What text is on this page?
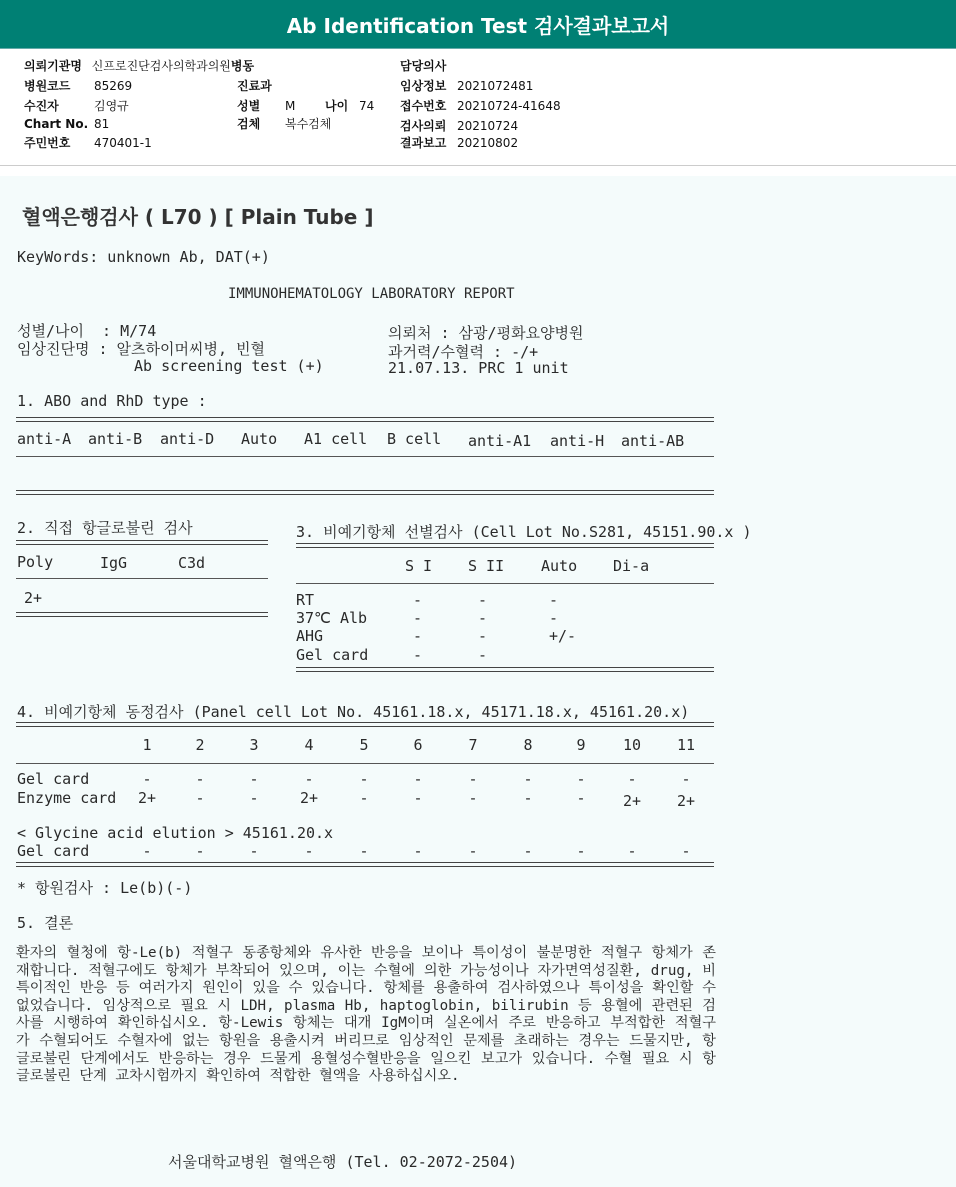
Ab Identification Test 검사결과보고서
의뢰기관명 신프로진단검사의학과의원병동	담당의사
병원코드 85269	진료과	임상정보 2021072481
수진자	김영규	성별 M 나이 74 접수번호 20210724-41648
Chart No. 81	검체 복수검체	검사의뢰 20210724
주민번호 470401-1	결과보고 20210802
혈액은행검사 ( L70 ) [ Plain Tube ]
KeyWords: unknown Ab, DAT(+)
IMMUNOHEMATOLOGY LABORATORY REPORT
성별/나이  : M/74
임상진단명 : 알츠하이머씨병, 빈혈
Ab screening test (+)
의뢰처 : 삼광/평화요양병원
과거력/수혈력 : -/+
21.07.13. PRC 1 unit
1. ABO and RhD type :
anti-A anti-B anti-D Auto A1 cell B cell anti-A1 anti-H anti-AB
2. 직접 항글로불린 검사
Poly	IgG	C3d
2+
3. 비예기항체 선별검사 (Cell Lot No.S281, 45151.90.x )
S I S II Auto Di-a
RT	-	-	-
37℃ Alb	-	-	-
AHG	-	-	+/-
Gel card	-	-
4. 비예기항체 동정검사 (Panel cell Lot No. 45161.18.x, 45171.18.x, 45161.20.x)
1	2	3	4	5	6	7	8	9	10	11
Gel card	-	-	-	-	-	-	-	-	-	-	-
Enzyme card	2+	-	-	2+	-	-	-	-	-	2+	2+
< Glycine acid elution > 45161.20.x
Gel card	-	-	-	-	-	-	-	-	-	-	-
* 항원검사 : Le(b)(-)
5. 결론
환자의 혈청에 항-Le(b) 적혈구 동종항체와 유사한 반응을 보이나 특이성이 불분명한 적혈구 항체가 존재합니다. 적혈구에도 항체가 부착되어 있으며, 이는 수혈에 의한 가능성이나 자가면역성질환, drug, 비특이적인 반응 등 여러가지 원인이 있을 수 있습니다. 항체를 용출하여 검사하였으나 특이성을 확인할 수 없었습니다. 임상적으로 필요 시 LDH, plasma Hb, haptoglobin, bilirubin 등 용혈에 관련된 검사를 시행하여 확인하십시오. 항-Lewis 항체는 대개 IgM이며 실온에서 주로 반응하고 부적합한 적혈구가 수혈되어도 수혈자에 없는 항원을 용출시켜 버리므로 임상적인 문제를 초래하는 경우는 드물지만, 항글로불린 단계에서도 반응하는 경우 드물게 용혈성수혈반응을 일으킨 보고가 있습니다. 수혈 필요 시 항글로불린 단계 교차시험까지 확인하여 적합한 혈액을 사용하십시오.
서울대학교병원 혈액은행 (Tel. 02-2072-2504)
